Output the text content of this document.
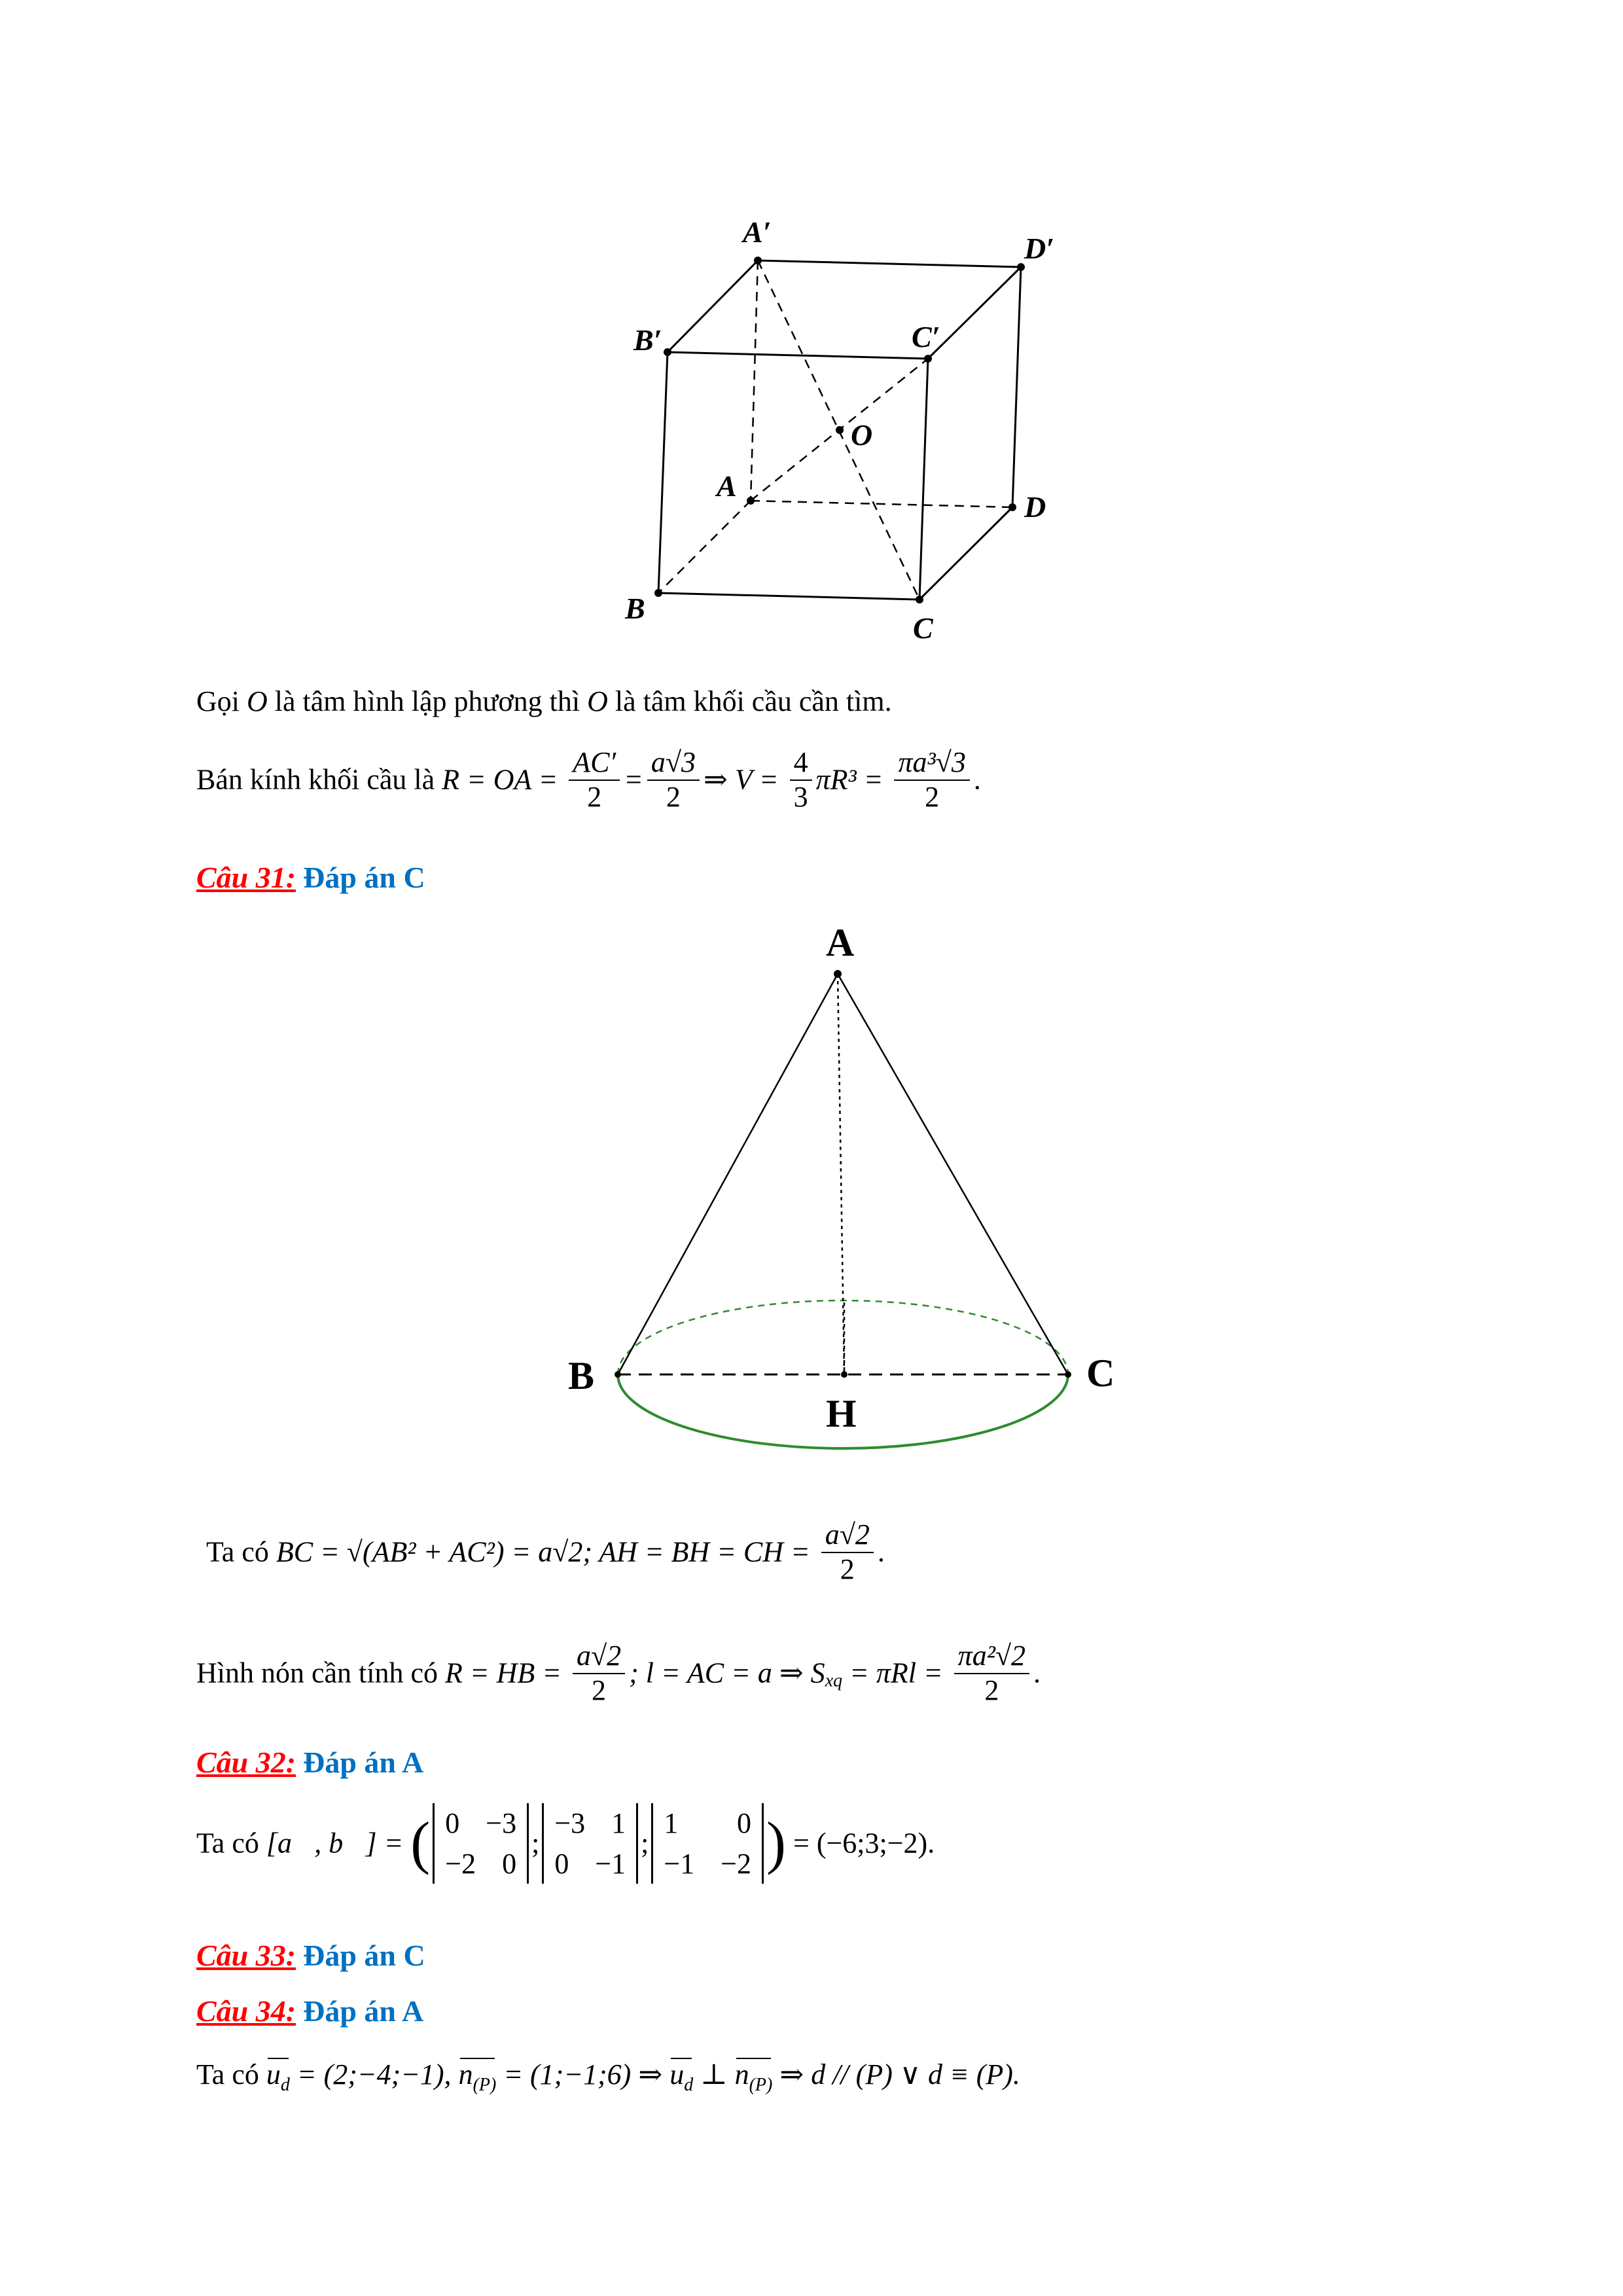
A′	D′
B′	C′
O
A
D
B
C
Gọi O là tâm hình lập phương thì O là tâm khối cầu cần tìm.
Bán kính khối cầu là R = OA = $\frac{AC'}{2} = \frac{a√3}{2}$ ⇒ $V = \frac{4}{3} \pi R^3 = \frac{\text{πa³√3}}{2}$ .
Câu 31: Đáp án C
A
B	C
H
Ta có BC = √(AB² + AC²) = a√2; AH = BH = CH = $\frac{a√2}{2}$ .
Hình nón cần tính có R = HB = $\frac{a√2}{2}$ ; l = AC = a ⇒ $S_{xq} = \pi Rl = \frac{\text{πa²√2}}{2}$ .
Câu 32: Đáp án A
Ta có [a⃗, b⃗] = ( 0 −3
−2 0
;
−3 1
0 −1
;
1 0
−1 −2 ) = (−6;3;−2).
Câu 33: Đáp án C
Câu 34: Đáp án A
Ta có $u_d$ = (2;−4;−1), $n_{(P)}$ = (1;−1;6) ⇒ $u_d$ ⊥ $n_{(P)}$ ⇒ d // (P) ∨ d ≡ (P).
